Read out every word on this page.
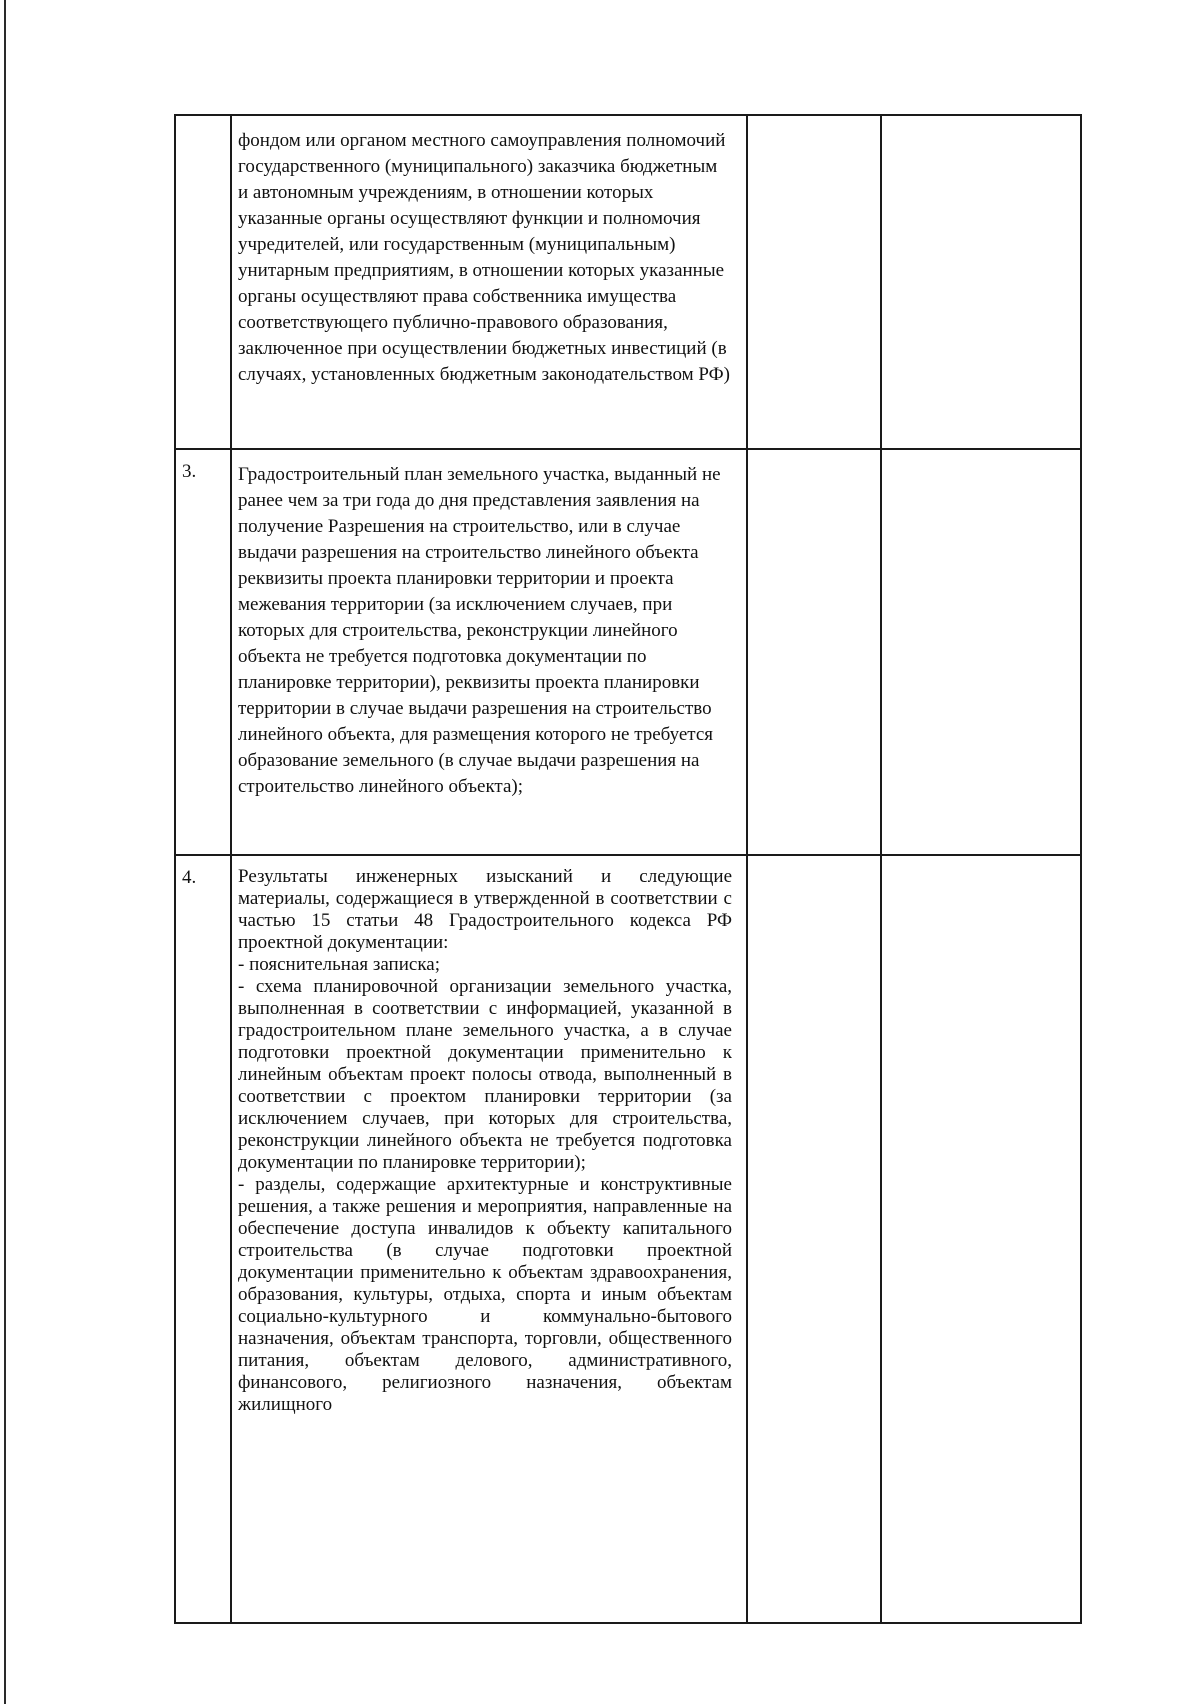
	фондом или органом местного самоуправления полномочий государственного (муниципального) заказчика бюджетным и автономным учреждениям, в отношении которых указанные органы осуществляют функции и полномочия учредителей, или государственным (муниципальным) унитарным предприятиям, в отношении которых указанные органы осуществляют права собственника имущества соответствующего публично-правового образования, заключенное при осуществлении бюджетных инвестиций (в случаях, установленных бюджетным законодательством РФ)		

3.	Градостроительный план земельного участка, выданный не ранее чем за три года до дня представления заявления на получение Разрешения на строительство, или в случае выдачи разрешения на строительство линейного объекта реквизиты проекта планировки территории и проекта межевания территории (за исключением случаев, при которых для строительства, реконструкции линейного объекта не требуется подготовка документации по планировке территории), реквизиты проекта планировки территории в случае выдачи разрешения на строительство линейного объекта, для размещения которого не требуется образование земельного (в случае выдачи разрешения на строительство линейного объекта);		

4.	Результаты инженерных изысканий и следующие материалы, содержащиеся в утвержденной в соответствии с частью 15 статьи 48 Градостроительного кодекса РФ проектной документации:
- пояснительная записка;
- схема планировочной организации земельного участка, выполненная в соответствии с информацией, указанной в градостроительном плане земельного участка, а в случае подготовки проектной документации применительно к линейным объектам проект полосы отвода, выполненный в соответствии с проектом планировки территории (за исключением случаев, при которых для строительства, реконструкции линейного объекта не требуется подготовка документации по планировке территории);
- разделы, содержащие архитектурные и конструктивные решения, а также решения и мероприятия, направленные на обеспечение доступа инвалидов к объекту капитального строительства (в случае подготовки проектной документации применительно к объектам здравоохранения, образования, культуры, отдыха, спорта и иным объектам социально-культурного и коммунально-бытового назначения, объектам транспорта, торговли, общественного питания, объектам делового, административного, финансового, религиозного назначения, объектам жилищного		
